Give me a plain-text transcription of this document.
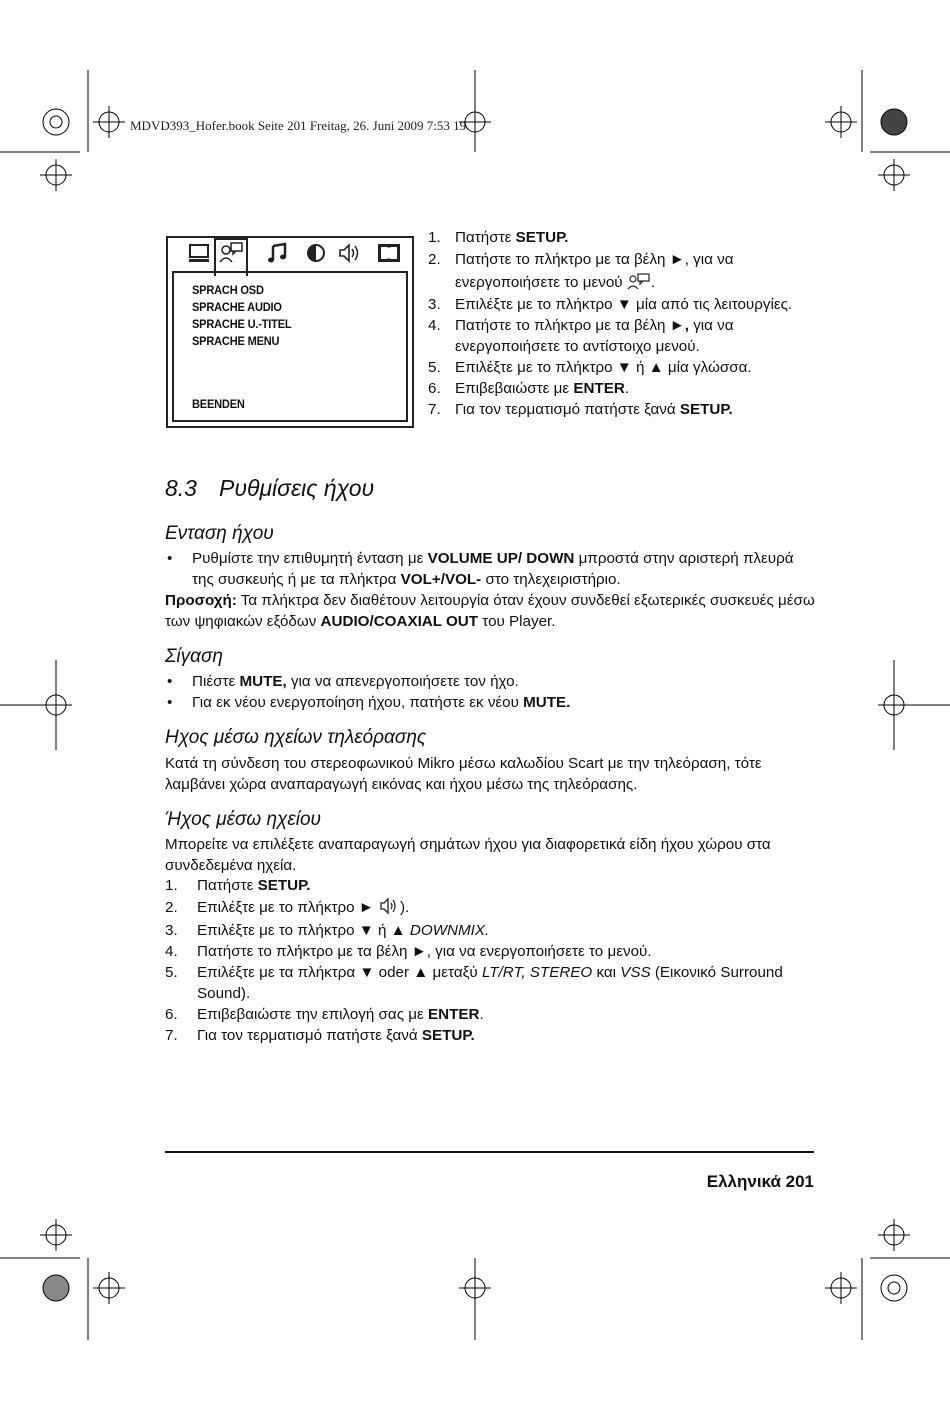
MDVD393_Hofer.book Seite 201 Freitag, 26. Juni 2009 7:53 19
SPRACH OSD
SPRACHE AUDIO
SPRACHE U.-TITEL
SPRACHE MENU
BEENDEN
1. Πατήστε SETUP.
2. Πατήστε το πλήκτρο με τα βέλη ►, για να ενεργοποιήσετε το μενού .
3. Επιλέξτε με το πλήκτρο ▼ μία από τις λειτουργίες.
4. Πατήστε το πλήκτρο με τα βέλη ►, για να ενεργοποιήσετε το αντίστοιχο μενού.
5. Επιλέξτε με το πλήκτρο ▼ ή ▲ μία γλώσσα.
6. Επιβεβαιώστε με ENTER.
7. Για τον τερματισμό πατήστε ξανά SETUP.
8.3 Ρυθμίσεις ήχου
Ενταση ήχου
• Ρυθμίστε την επιθυμητή ένταση με VOLUME UP/ DOWN μπροστά στην αριστερή πλευρά της συσκευής ή με τα πλήκτρα VOL+/VOL- στο τηλεχειριστήριο.
Προσοχή: Τα πλήκτρα δεν διαθέτουν λειτουργία όταν έχουν συνδεθεί εξωτερικές συσκευές μέσω των ψηφιακών εξόδων AUDIO/COAXIAL OUT του Player.
Σίγαση
• Πιέστε MUTE, για να απενεργοποιήσετε τον ήχο.
• Για εκ νέου ενεργοποίηση ήχου, πατήστε εκ νέου MUTE.
Ηχος μέσω ηχείων τηλεόρασης
Κατά τη σύνδεση του στερεοφωνικού Mikro μέσω καλωδίου Scart με την τηλεόραση, τότε λαμβάνει χώρα αναπαραγωγή εικόνας και ήχου μέσω της τηλεόρασης.
Ήχος μέσω ηχείου
Μπορείτε να επιλέξετε αναπαραγωγή σημάτων ήχου για διαφορετικά είδη ήχου χώρου στα συνδεδεμένα ηχεία.
1. Πατήστε SETUP.
2. Επιλέξτε με το πλήκτρο ► ).
3. Επιλέξτε με το πλήκτρο ▼ ή ▲ DOWNMIX.
4. Πατήστε το πλήκτρο με τα βέλη ►, για να ενεργοποιήσετε το μενού.
5. Επιλέξτε με τα πλήκτρα ▼ oder ▲ μεταξύ LT/RT, STEREO και VSS (Εικονικό Surround Sound).
6. Επιβεβαιώστε την επιλογή σας με ENTER.
7. Για τον τερματισμό πατήστε ξανά SETUP.
Ελληνικά 201
